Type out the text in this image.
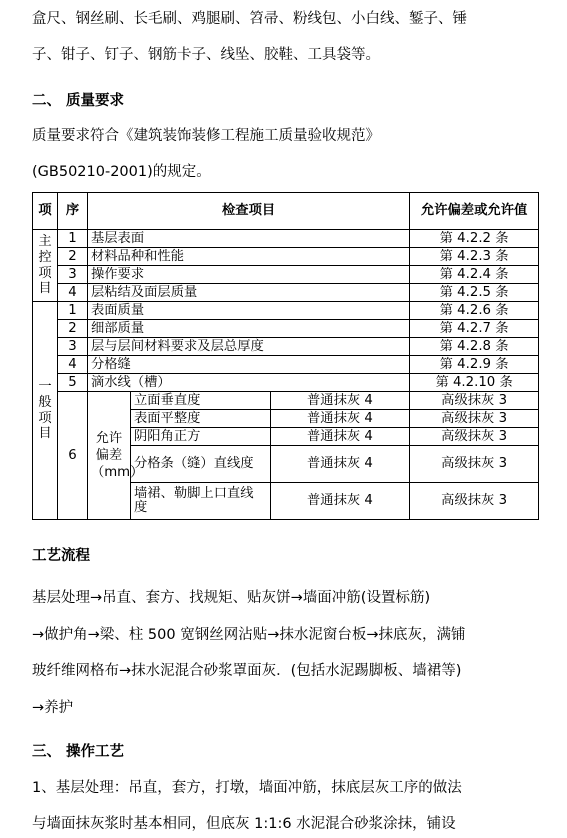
盒尺、钢丝刷、长毛刷、鸡腿刷、笤帚、粉线包、小白线、錾子、锤

子、钳子、钉子、钢筋卡子、线坠、胶鞋、工具袋等。

二、 质量要求

质量要求符合《建筑装饰装修工程施工质量验收规范》

(GB50210-2001)的规定。

项	序	检查项目			允许偏差或允许值

主控项目	1	基层表面			第 4.2.2 条
	2	材料品种和性能			第 4.2.3 条
	3	操作要求			第 4.2.4 条
	4	层粘结及面层质量			第 4.2.5 条

一般项目	1	表面质量			第 4.2.6 条
	2	细部质量			第 4.2.7 条
	3	层与层间材料要求及层总厚度			第 4.2.8 条
	4	分格缝			第 4.2.9 条
	5	滴水线（槽）			第 4.2.10 条
	6	允许偏差（mm）	立面垂直度	普通抹灰 4	高级抹灰 3
			表面平整度	普通抹灰 4	高级抹灰 3
			阴阳角正方	普通抹灰 4	高级抹灰 3
			分格条（缝）直线度	普通抹灰 4	高级抹灰 3
			墙裙、勒脚上口直线度	普通抹灰 4	高级抹灰 3

工艺流程

基层处理→吊直、套方、找规矩、贴灰饼→墙面冲筋(设置标筋)

→做护角→梁、柱 500 宽钢丝网沾贴→抹水泥窗台板→抹底灰，满铺

玻纤维网格布→抹水泥混合砂浆罩面灰．(包括水泥踢脚板、墙裙等)

→养护

三、 操作工艺

1、基层处理：吊直，套方，打墩，墙面冲筋，抹底层灰工序的做法

与墙面抹灰浆时基本相同，但底灰 1:1:6 水泥混合砂浆涂抹，铺设
